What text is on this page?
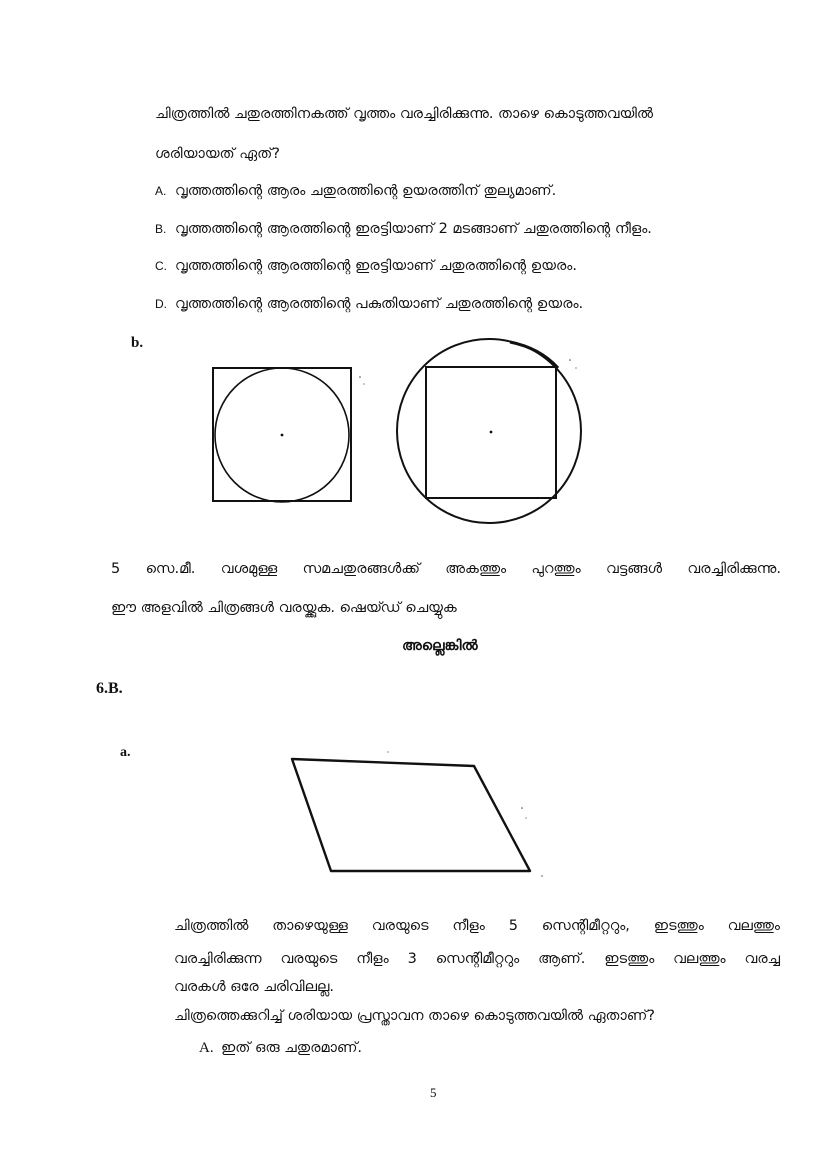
ചിത്രത്തിൽ ചതുരത്തിനകത്ത് വൃത്തം വരച്ചിരിക്കുന്നു. താഴെ കൊടുത്തവയിൽ
ശരിയായത് ഏത്?
A. വൃത്തത്തിന്റെ ആരം ചതുരത്തിന്റെ ഉയരത്തിന് തുല്യമാണ്.
B. വൃത്തത്തിന്റെ ആരത്തിന്റെ ഇരട്ടിയാണ് 2 മടങ്ങാണ് ചതുരത്തിന്റെ നീളം.
C. വൃത്തത്തിന്റെ ആരത്തിന്റെ ഇരട്ടിയാണ് ചതുരത്തിന്റെ ഉയരം.
D. വൃത്തത്തിന്റെ ആരത്തിന്റെ പകുതിയാണ് ചതുരത്തിന്റെ ഉയരം.
b.
5 സെ.മീ. വശമുള്ള സമചതുരങ്ങൾക്ക് അകത്തും പുറത്തും വട്ടങ്ങൾ വരച്ചിരിക്കുന്നു.
ഈ അളവിൽ ചിത്രങ്ങൾ വരയ്ക്കുക. ഷെയ്ഡ് ചെയ്യുക
അല്ലെങ്കിൽ
6.B.
a.
ചിത്രത്തിൽ താഴെയുള്ള വരയുടെ നീളം 5 സെന്റിമീറ്ററും, ഇടത്തും വലത്തും
വരച്ചിരിക്കുന്ന വരയുടെ നീളം 3 സെന്റിമീറ്ററും ആണ്. ഇടത്തും വലത്തും വരച്ച
വരകൾ ഒരേ ചരിവിലല്ല.
ചിത്രത്തെക്കുറിച്ച് ശരിയായ പ്രസ്താവന താഴെ കൊടുത്തവയിൽ ഏതാണ്?
A. ഇത് ഒരു ചതുരമാണ്.
5
